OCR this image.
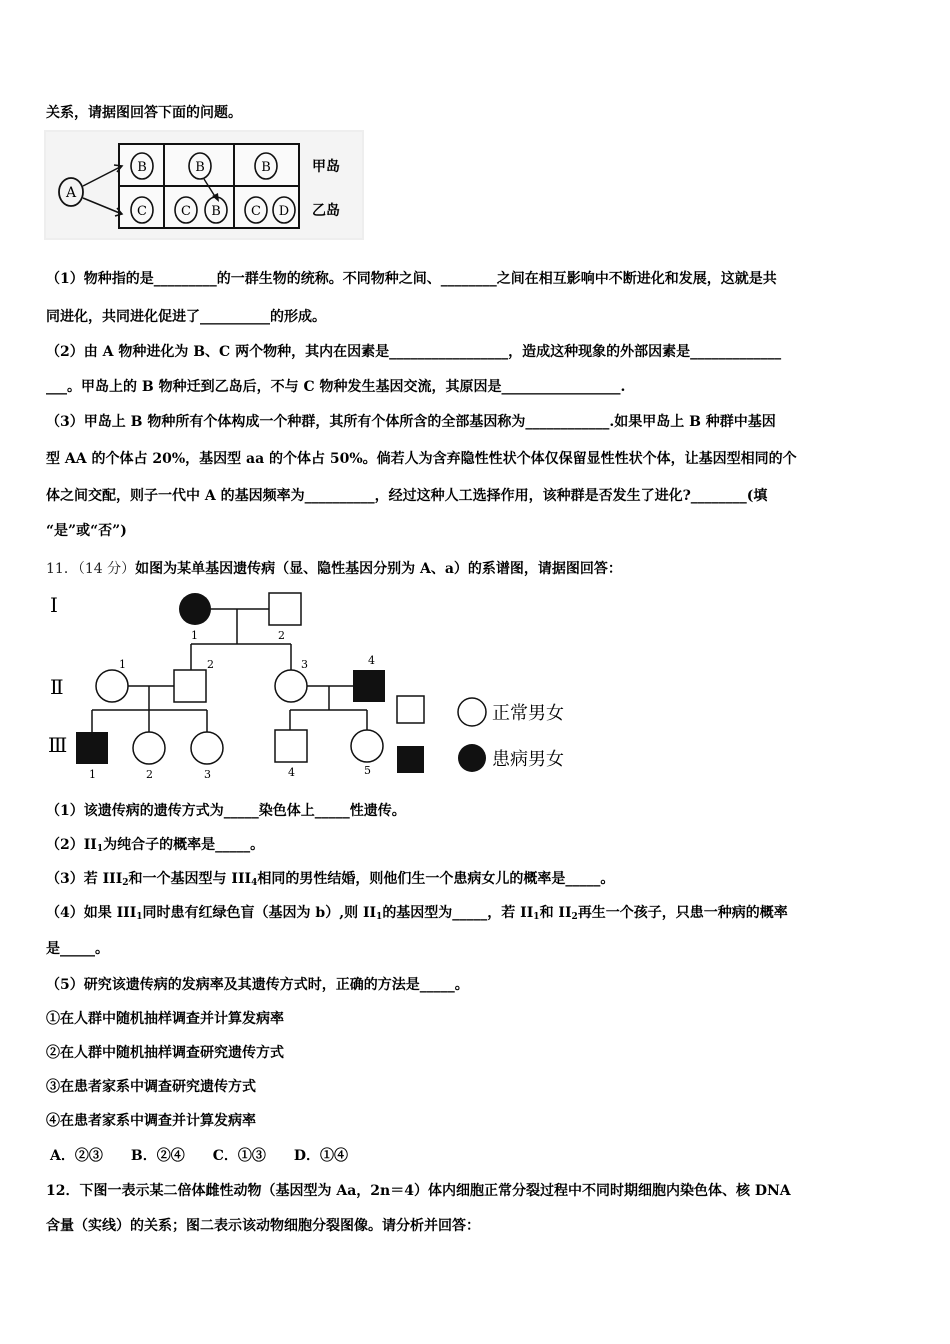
关系，请据图回答下面的问题。
A
B	B	B
C	C B C D
甲岛
乙岛
（1）物种指的是_________的一群生物的统称。不同物种之间、________之间在相互影响中不断进化和发展，这就是共
同进化，共同进化促进了__________的形成。
（2）由 A 物种进化为 B、C 两个物种，其内在因素是_________________，造成这种现象的外部因素是_____________
___。甲岛上的 B 物种迁到乙岛后，不与 C 物种发生基因交流，其原因是_________________.
（3）甲岛上 B 物种所有个体构成一个种群，其所有个体所含的全部基因称为____________.如果甲岛上 B 种群中基因
型 AA 的个体占 20%，基因型 aa 的个体占 50%。倘若人为含弃隐性性状个体仅保留显性性状个体，让基因型相同的个
体之间交配，则子一代中 A 的基因频率为__________，经过这种人工选择作用，该种群是否发生了进化?________(填
“是”或“否”)
11．（14 分）如图为某单基因遗传病（显、隐性基因分别为 A、a）的系谱图，请据图回答：
Ⅰ
Ⅱ
Ⅲ
1	2
1	2	3	4
1	2	3	4	5
正常男女
患病男女
（1）该遗传病的遗传方式为_____染色体上_____性遗传。
$(2)II_1$为纯合子的概率是_____。
（3）若 $III_2$和一个基因型与 $III_4$相同的男性结婚，则他们生一个患病女儿的概率是_____。
（4）如果 $III_1$同时患有红绿色盲（基因为 b）,则 $II_1$的基因型为_____，若 $II_1$和 $II_2$再生一个孩子，只患一种病的概率
是_____。
（5）研究该遗传病的发病率及其遗传方式时，正确的方法是_____。
①在人群中随机抽样调查并计算发病率
②在人群中随机抽样调查研究遗传方式
③在患者家系中调查研究遗传方式
④在患者家系中调查并计算发病率
A．②③　　B．②④　　C．①③　　D．①④
12．下图一表示某二倍体雌性动物（基因型为 Aa，2n＝4）体内细胞正常分裂过程中不同时期细胞内染色体、核 DNA
含量（实线）的关系；图二表示该动物细胞分裂图像。请分析并回答：
